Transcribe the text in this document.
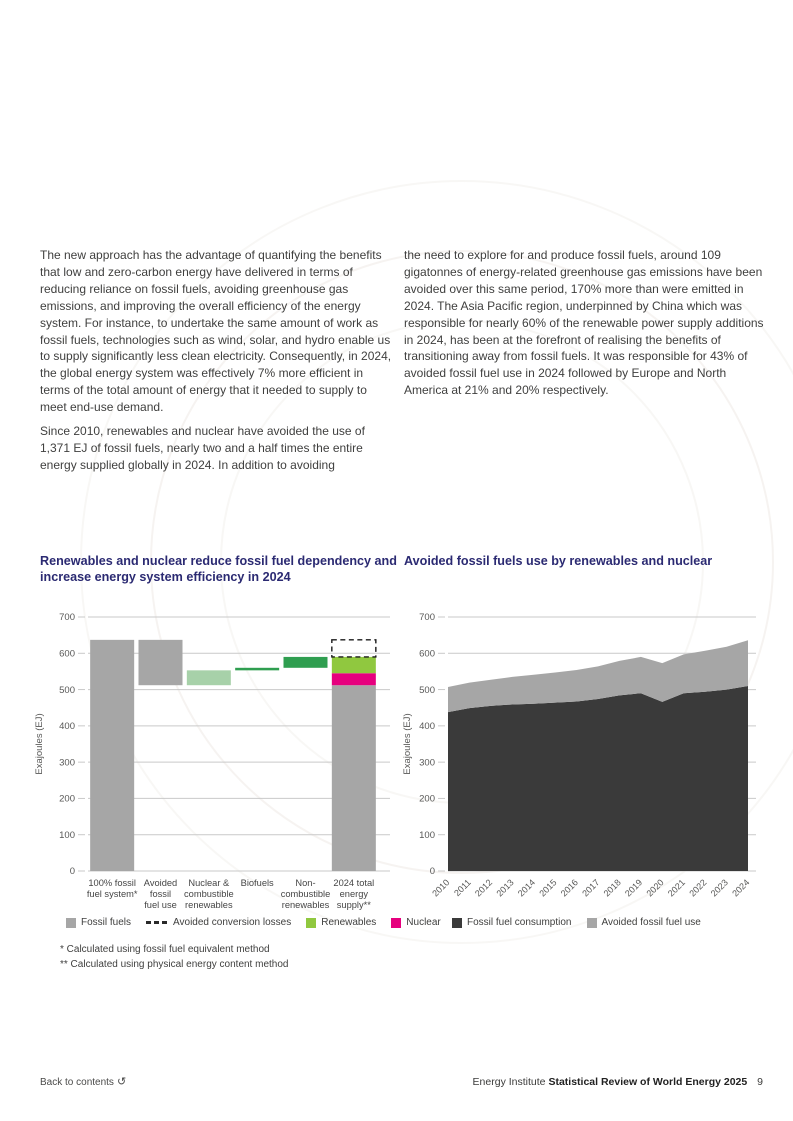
The new approach has the advantage of quantifying the benefits that low and zero-carbon energy have delivered in terms of reducing reliance on fossil fuels, avoiding greenhouse gas emissions, and improving the overall efficiency of the energy system. For instance, to undertake the same amount of work as fossil fuels, technologies such as wind, solar, and hydro enable us to supply significantly less clean electricity. Consequently, in 2024, the global energy system was effectively 7% more efficient in terms of the total amount of energy that it needed to supply to meet end-use demand.

Since 2010, renewables and nuclear have avoided the use of 1,371 EJ of fossil fuels, nearly two and a half times the entire energy supplied globally in 2024. In addition to avoiding

the need to explore for and produce fossil fuels, around 109 gigatonnes of energy-related greenhouse gas emissions have been avoided over this same period, 170% more than were emitted in 2024. The Asia Pacific region, underpinned by China which was responsible for nearly 60% of the renewable power supply additions in 2024, has been at the forefront of realising the benefits of transitioning away from fossil fuels. It was responsible for 43% of avoided fossil fuel use in 2024 followed by Europe and North America at 21% and 20% respectively.

Renewables and nuclear reduce fossil fuel dependency and increase energy system efficiency in 2024
Avoided fossil fuels use by renewables and nuclear
0
100
200
300
400
500
600
700
Exajoules (EJ)
100% fossil
fuel system*
Avoided
fossil
fuel use
Nuclear &
combustible
renewables
Biofuels Non-
combustible
renewables
2024 total
energy
supply**
0
100
200
300
400
500
600
700
Exajoules (EJ)
2010 2011 2012 2013 2014 2015 2016 2017 2018 2019 2020 2021 2022 2023 2024
Fossil fuels	Avoided conversion losses	Renewables	Nuclear	Fossil fuel consumption	Avoided fossil fuel use
* Calculated using fossil fuel equivalent method
** Calculated using physical energy content method
Back to contents ↺	Energy Institute Statistical Review of World Energy 2025 9
